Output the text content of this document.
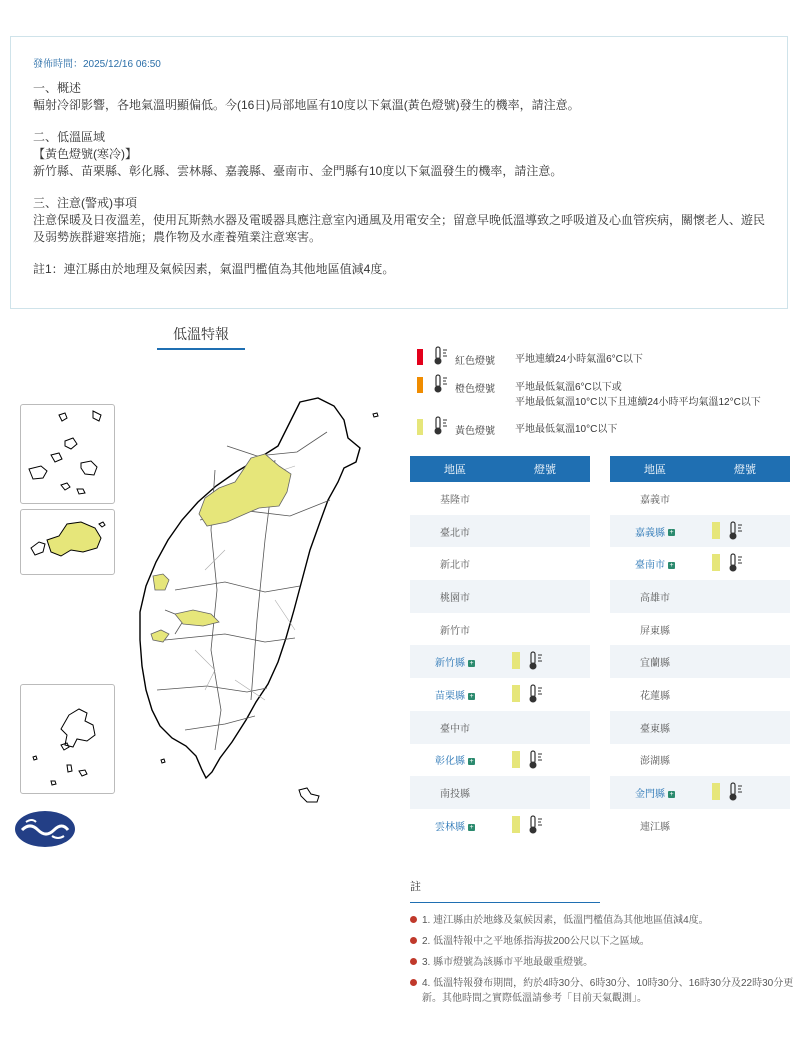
發佈時間：2025/12/16 06:50
一、概述
輻射冷卻影響，各地氣溫明顯偏低。今(16日)局部地區有10度以下氣溫(黃色燈號)發生的機率，請注意。
二、低溫區域
【黃色燈號(寒冷)】
新竹縣、苗栗縣、彰化縣、雲林縣、嘉義縣、臺南市、金門縣有10度以下氣溫發生的機率，請注意。
三、注意(警戒)事項
注意保暖及日夜溫差，使用瓦斯熱水器及電暖器具應注意室內通風及用電安全；留意早晚低溫導致之呼吸道及心血管疾病，關懷老人、遊民及弱勢族群避寒措施；農作物及水產養殖業注意寒害。
註1：連江縣由於地理及氣候因素，氣溫門檻值為其他地區值減4度。
低溫特報
紅色燈號 平地連續24小時氣溫6°C以下
橙色燈號 平地最低氣溫6°C以下或
平地最低氣溫10°C以下且連續24小時平均氣溫12°C以下
黃色燈號 平地最低氣溫10°C以下
地區	燈號
基隆市
臺北市
新北市
桃園市
新竹市
新竹縣 +
苗栗縣 +
臺中市
彰化縣 +
南投縣
雲林縣 +
地區	燈號
嘉義市
嘉義縣 +
臺南市 +
高雄市
屏東縣
宜蘭縣
花蓮縣
臺東縣
澎湖縣
金門縣 +
連江縣
註
1. 連江縣由於地緣及氣候因素，低溫門檻值為其他地區值減4度。
2. 低溫特報中之平地係指海拔200公尺以下之區域。
3. 縣市燈號為該縣市平地最嚴重燈號。
4. 低溫特報發布期間，約於4時30分、6時30分、10時30分、16時30分及22時30分更新。其他時間之實際低溫請參考「目前天氣觀測」。
